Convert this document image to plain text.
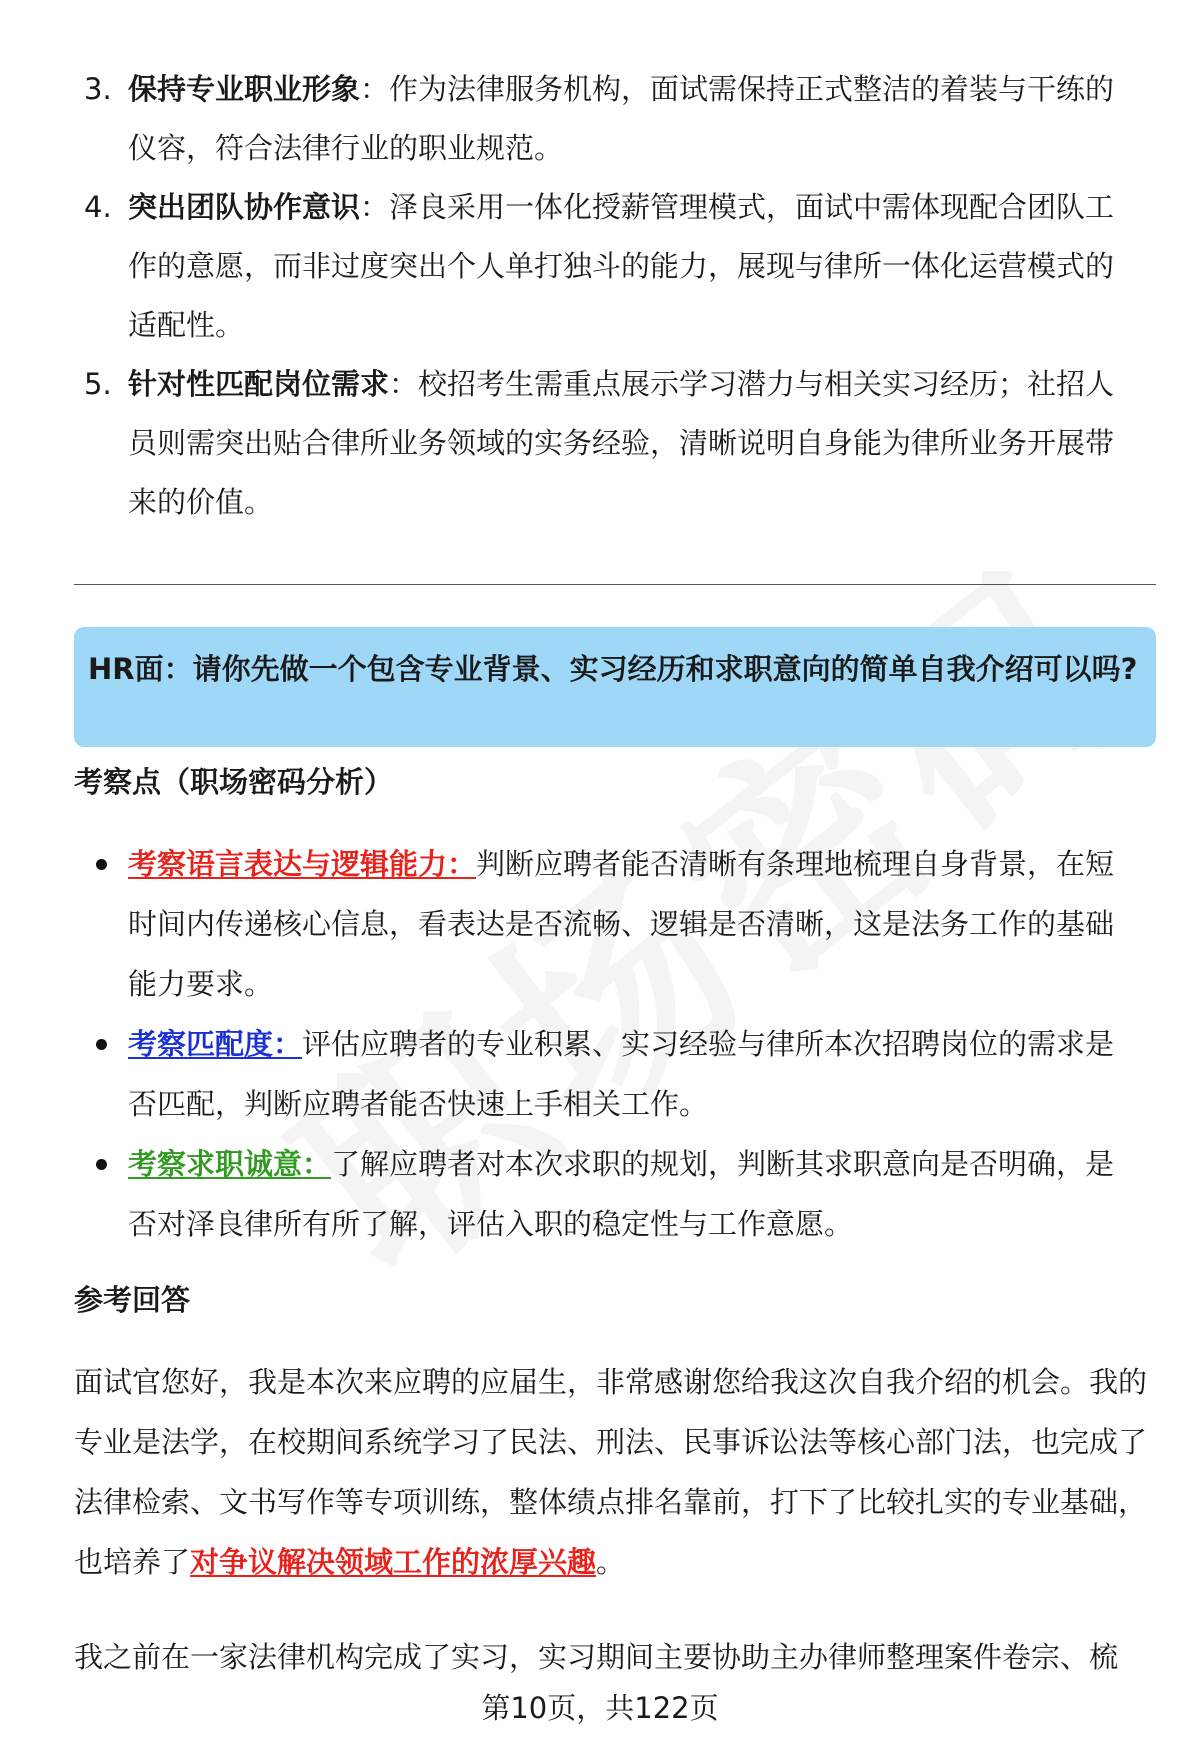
3. 保持专业职业形象：作为法律服务机构，面试需保持正式整洁的着装与干练的仪容，符合法律行业的职业规范。
4. 突出团队协作意识：泽良采用一体化授薪管理模式，面试中需体现配合团队工作的意愿，而非过度突出个人单打独斗的能力，展现与律所一体化运营模式的适配性。
5. 针对性匹配岗位需求：校招考生需重点展示学习潜力与相关实习经历；社招人员则需突出贴合律所业务领域的实务经验，清晰说明自身能为律所业务开展带来的价值。
HR面：请你先做一个包含专业背景、实习经历和求职意向的简单自我介绍可以吗?
考察点（职场密码分析）
考察语言表达与逻辑能力：判断应聘者能否清晰有条理地梳理自身背景，在短时间内传递核心信息，看表达是否流畅、逻辑是否清晰，这是法务工作的基础能力要求。
考察匹配度：评估应聘者的专业积累、实习经验与律所本次招聘岗位的需求是否匹配，判断应聘者能否快速上手相关工作。
考察求职诚意：了解应聘者对本次求职的规划，判断其求职意向是否明确，是否对泽良律所有所了解，评估入职的稳定性与工作意愿。
参考回答

面试官您好，我是本次来应聘的应届生，非常感谢您给我这次自我介绍的机会。我的专业是法学，在校期间系统学习了民法、刑法、民事诉讼法等核心部门法，也完成了法律检索、文书写作等专项训练，整体绩点排名靠前，打下了比较扎实的专业基础，也培养了对争议解决领域工作的浓厚兴趣。

我之前在一家法律机构完成了实习，实习期间主要协助主办律师整理案件卷宗、梳

第10页，共122页
